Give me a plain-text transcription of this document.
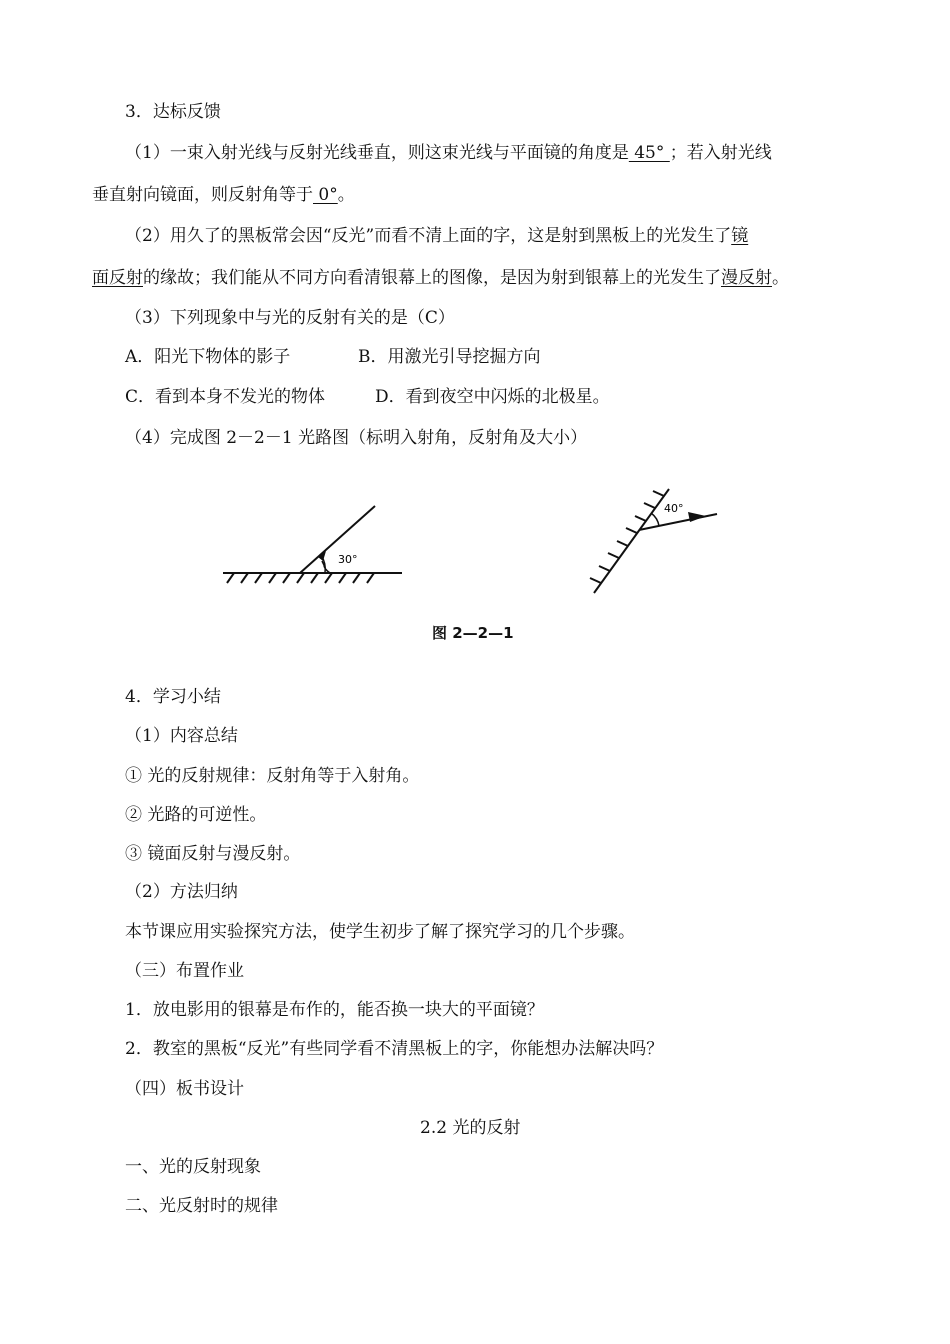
3．达标反馈
（1）一束入射光线与反射光线垂直，则这束光线与平面镜的角度是 45° ；若入射光线
垂直射向镜面，则反射角等于 0°。
（2）用久了的黑板常会因“反光”而看不清上面的字，这是射到黑板上的光发生了镜
面反射的缘故；我们能从不同方向看清银幕上的图像，是因为射到银幕上的光发生了漫反射。
（3）下列现象中与光的反射有关的是（C）
A．阳光下物体的影子	B．用激光引导挖掘方向
C．看到本身不发光的物体	D．看到夜空中闪烁的北极星。
（4）完成图 2－2－1 光路图（标明入射角，反射角及大小）
30°
40°
图 2—2—1
4．学习小结
（1）内容总结
① 光的反射规律：反射角等于入射角。
② 光路的可逆性。
③ 镜面反射与漫反射。
（2）方法归纳
本节课应用实验探究方法，使学生初步了解了探究学习的几个步骤。
（三）布置作业
1．放电影用的银幕是布作的，能否换一块大的平面镜？
2．教室的黑板“反光”有些同学看不清黑板上的字，你能想办法解决吗？
（四）板书设计
2.2 光的反射
一、光的反射现象
二、光反射时的规律
